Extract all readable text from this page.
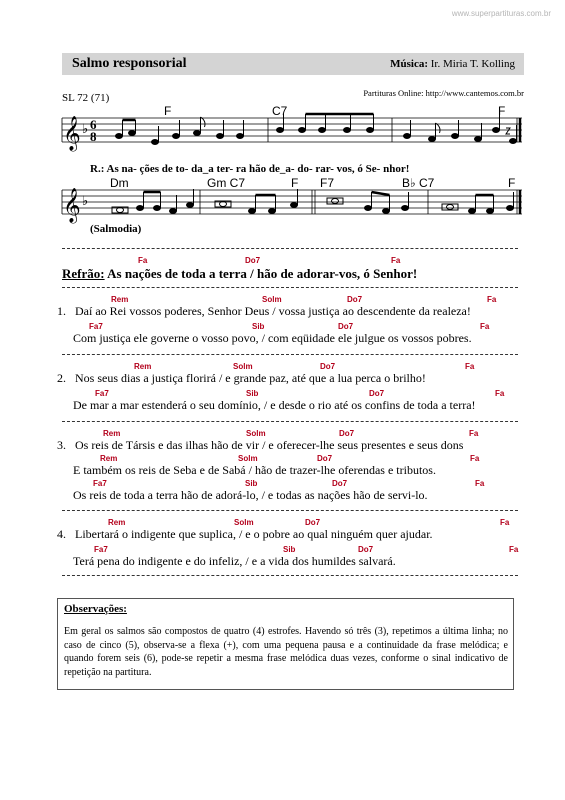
www.superpartituras.com.br
Salmo responsorial	Música: Ir. Miria T. Kolling
SL 72 (71)	Partituras Online: http://www.cantemos.com.br
𝄞 ♭ 6
8
F	C7	F
R.: As na- ções de to- da_a ter- ra hão de_a- do- rar- vos, ó Se- nhor!
𝄞 ♭
Dm	Gm C7	F F7	B♭ C7	F
(Salmodia)
Fa	Do7	Fa
Refrão: As nações de toda a terra / hão de adorar-vos, ó Senhor!
Rem	Solm	Do7	Fa
1. Daí ao Rei vossos poderes, Senhor Deus / vossa justiça ao descendente da realeza!
Fa7	Sib	Do7	Fa
Com justiça ele governe o vosso povo, / com eqüidade ele julgue os vossos pobres.
Rem	Solm	Do7	Fa
2. Nos seus dias a justiça florirá / e grande paz, até que a lua perca o brilho!
Fa7	Sib	Do7	Fa
De mar a mar estenderá o seu domínio, / e desde o rio até os confins de toda a terra!
Rem	Solm	Do7	Fa
3. Os reis de Társis e das ilhas hão de vir / e oferecer-lhe seus presentes e seus dons
Rem	Solm	Do7	Fa
E também os reis de Seba e de Sabá / hão de trazer-lhe oferendas e tributos.
Fa7	Sib	Do7	Fa
Os reis de toda a terra hão de adorá-lo, / e todas as nações hão de servi-lo.
Rem	Solm	Do7	Fa
4. Libertará o indigente que suplica, / e o pobre ao qual ninguém quer ajudar.
Fa7	Sib	Do7	Fa
Terá pena do indigente e do infeliz, / e a vida dos humildes salvará.
Observações:
Em geral os salmos são compostos de quatro (4) estrofes. Havendo só três (3), repetimos a última linha; no caso de cinco (5), observa-se a flexa (+), com uma pequena pausa e a continuidade da frase melódica; e quando forem seis (6), pode-se repetir a mesma frase melódica duas vezes, conforme o sinal indicativo de repetição na partitura.
